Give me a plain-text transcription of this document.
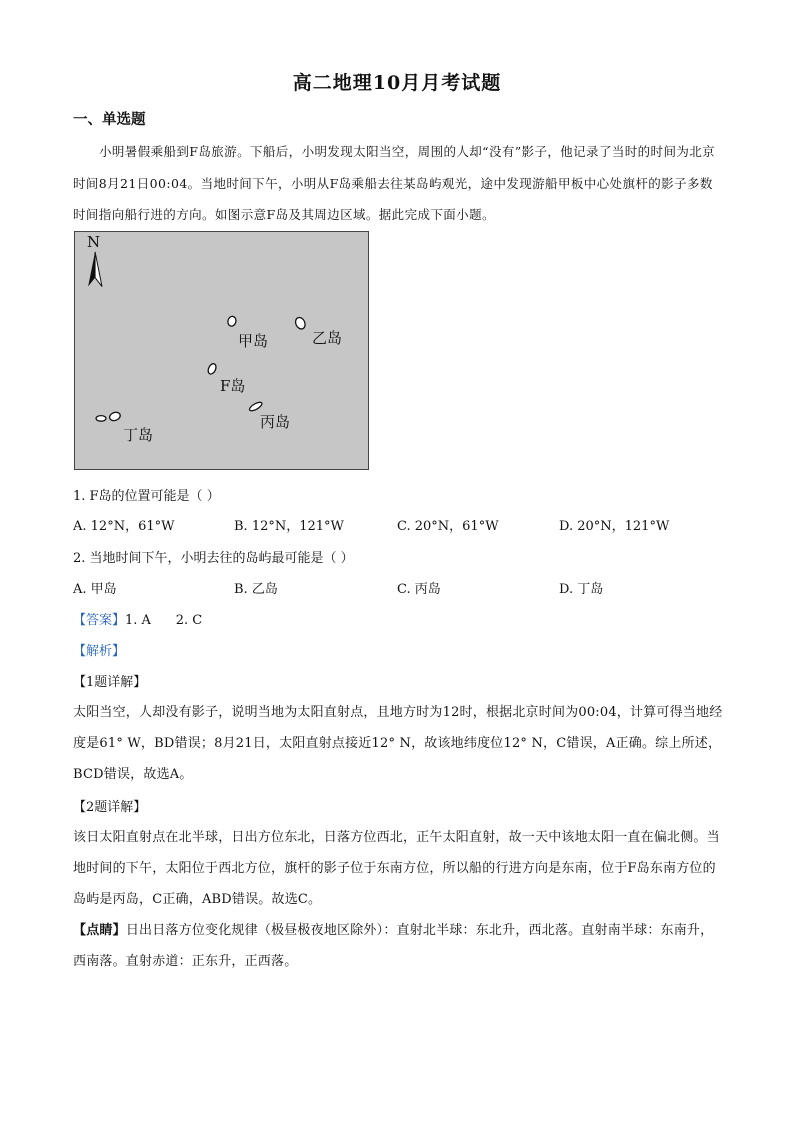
高二地理10月月考试题
一、单选题

小明暑假乘船到F岛旅游。下船后，小明发现太阳当空，周围的人却“没有”影子，他记录了当时的时间为北京时间8月21日00:04。当地时间下午，小明从F岛乘船去往某岛屿观光，途中发现游船甲板中心处旗杆的影子多数时间指向船行进的方向。如图示意F岛及其周边区域。据此完成下面小题。

N
甲岛	乙岛
F岛
丙岛
丁岛
1. F岛的位置可能是（ ）
A. 12°N，61°W	B. 12°N，121°W	C. 20°N，61°W	D. 20°N，121°W
2. 当地时间下午，小明去往的岛屿最可能是（ ）
A. 甲岛	B. 乙岛	C. 丙岛	D. 丁岛
【答案】1. A      2. C
【解析】
【1题详解】

太阳当空，人却没有影子，说明当地为太阳直射点，且地方时为12时，根据北京时间为00:04，计算可得当地经度是61° W，BD错误；8月21日，太阳直射点接近12° N，故该地纬度位12° N，C错误，A正确。综上所述，BCD错误，故选A。

【2题详解】

该日太阳直射点在北半球，日出方位东北，日落方位西北，正午太阳直射，故一天中该地太阳一直在偏北侧。当地时间的下午，太阳位于西北方位，旗杆的影子位于东南方位，所以船的行进方向是东南，位于F岛东南方位的岛屿是丙岛，C正确，ABD错误。故选C。

【点睛】日出日落方位变化规律（极昼极夜地区除外）：直射北半球：东北升，西北落。直射南半球：东南升，西南落。直射赤道：正东升，正西落。
